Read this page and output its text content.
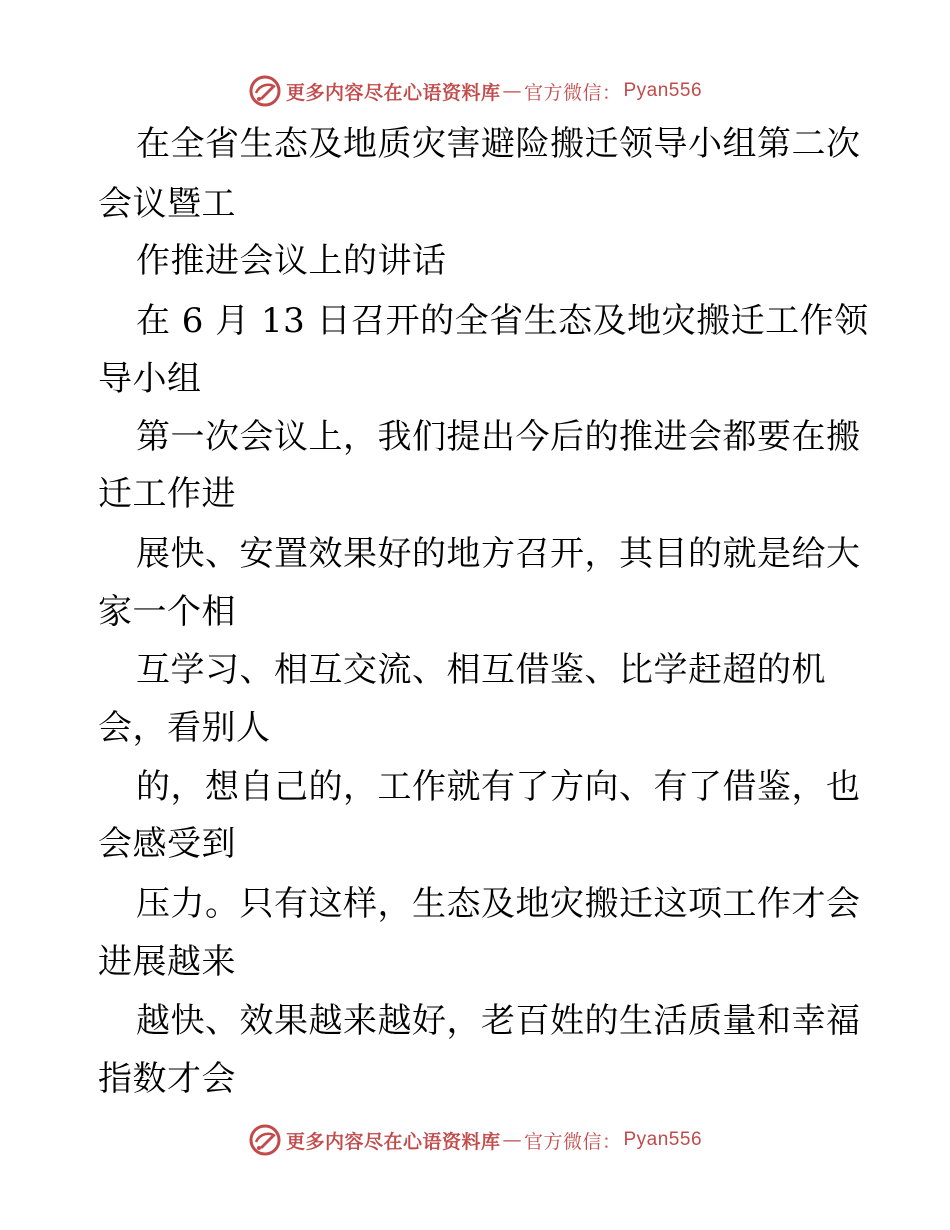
更多内容尽在心语资料库 — 官方微信： Pyan556
在全省生态及地质灾害避险搬迁领导小组第二次
会议暨工
作推进会议上的讲话
在 6 月 13 日召开的全省生态及地灾搬迁工作领
导小组
第一次会议上，我们提出今后的推进会都要在搬
迁工作进
展快、安置效果好的地方召开，其目的就是给大
家一个相
互学习、相互交流、相互借鉴、比学赶超的机
会，看别人
的，想自己的，工作就有了方向、有了借鉴，也
会感受到
压力。只有这样，生态及地灾搬迁这项工作才会
进展越来
越快、效果越来越好，老百姓的生活质量和幸福
指数才会
更多内容尽在心语资料库 — 官方微信： Pyan556
